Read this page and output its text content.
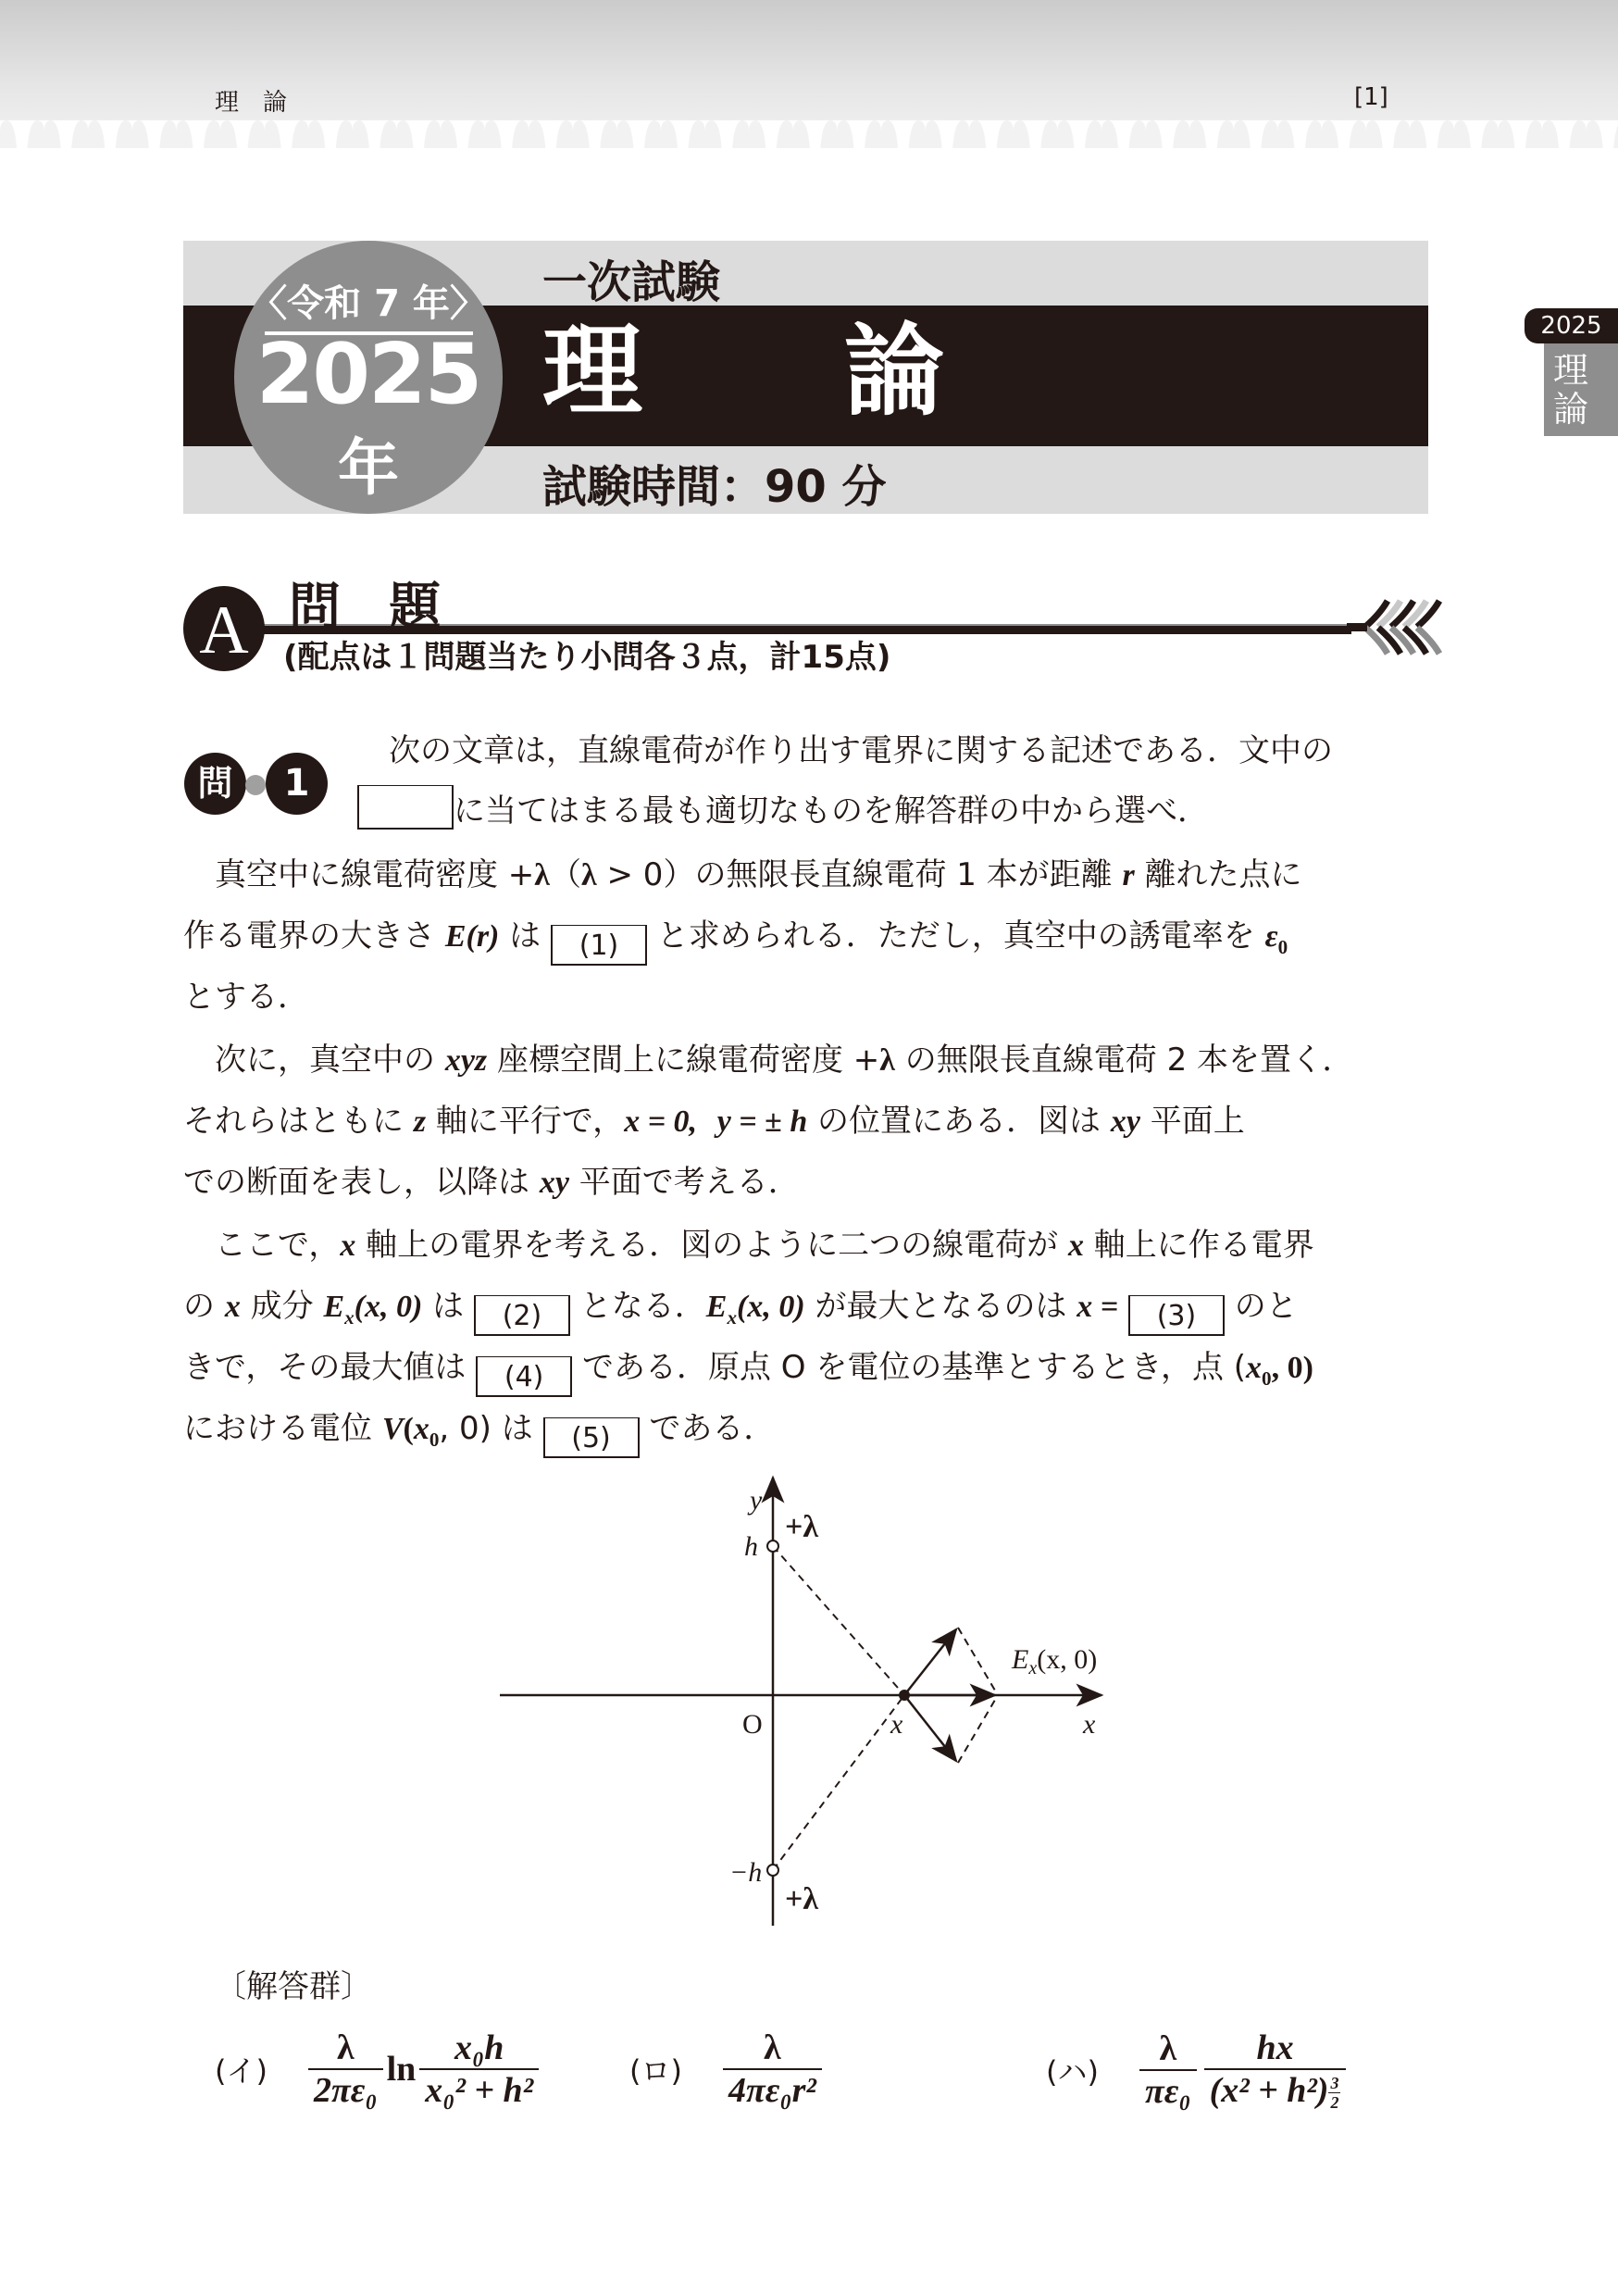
理論	[1]
〈令和 7 年〉
2025
年度
一次試験
理論
試験時間：90 分
2025
理
論
A 問題
(配点は１問題当たり小問各３点，計15点)
問	1
次の文章は，直線電荷が作り出す電界に関する記述である．文中の
に当てはまる最も適切なものを解答群の中から選べ．
真空中に線電荷密度 +λ（λ > 0）の無限長直線電荷 1 本が距離 r 離れた点に
作る電界の大きさ E(r) は (1) と求められる．ただし，真空中の誘電率を $\varepsilon_0$
とする．
次に，真空中の xyz 座標空間上に線電荷密度 +λ の無限長直線電荷 2 本を置く．
それらはともに z 軸に平行で，x = 0, y = ± h の位置にある．図は xy 平面上
での断面を表し，以降は xy 平面で考える．
ここで，x 軸上の電界を考える．図のように二つの線電荷が x 軸上に作る電界
の x 成分 $E_x(x$, 0) は (2) となる．$E_x(x$, 0) が最大となるのは x = (3) のと
きで，その最大値は (4) である．原点 O を電位の基準とするとき，点 ($x_0$, 0)
における電位 $V(x_0$, 0) は (5) である．
y
h
+λ
−h
+λ
O	x	x
$E_x(x$, 0)
〔解答群〕
(イ) $\frac{\lambda}{\text{2πε₀}}$ $\ln \frac{\text{x₀h}}{\text{x₀² + h²}}$	(ロ) $\frac{\lambda}{\text{4πε₀r²}}$	(ハ) $\frac{\lambda}{\text{πε₀}} \frac{hx}{(x^2 + h^2) \frac{3}{2}}$
